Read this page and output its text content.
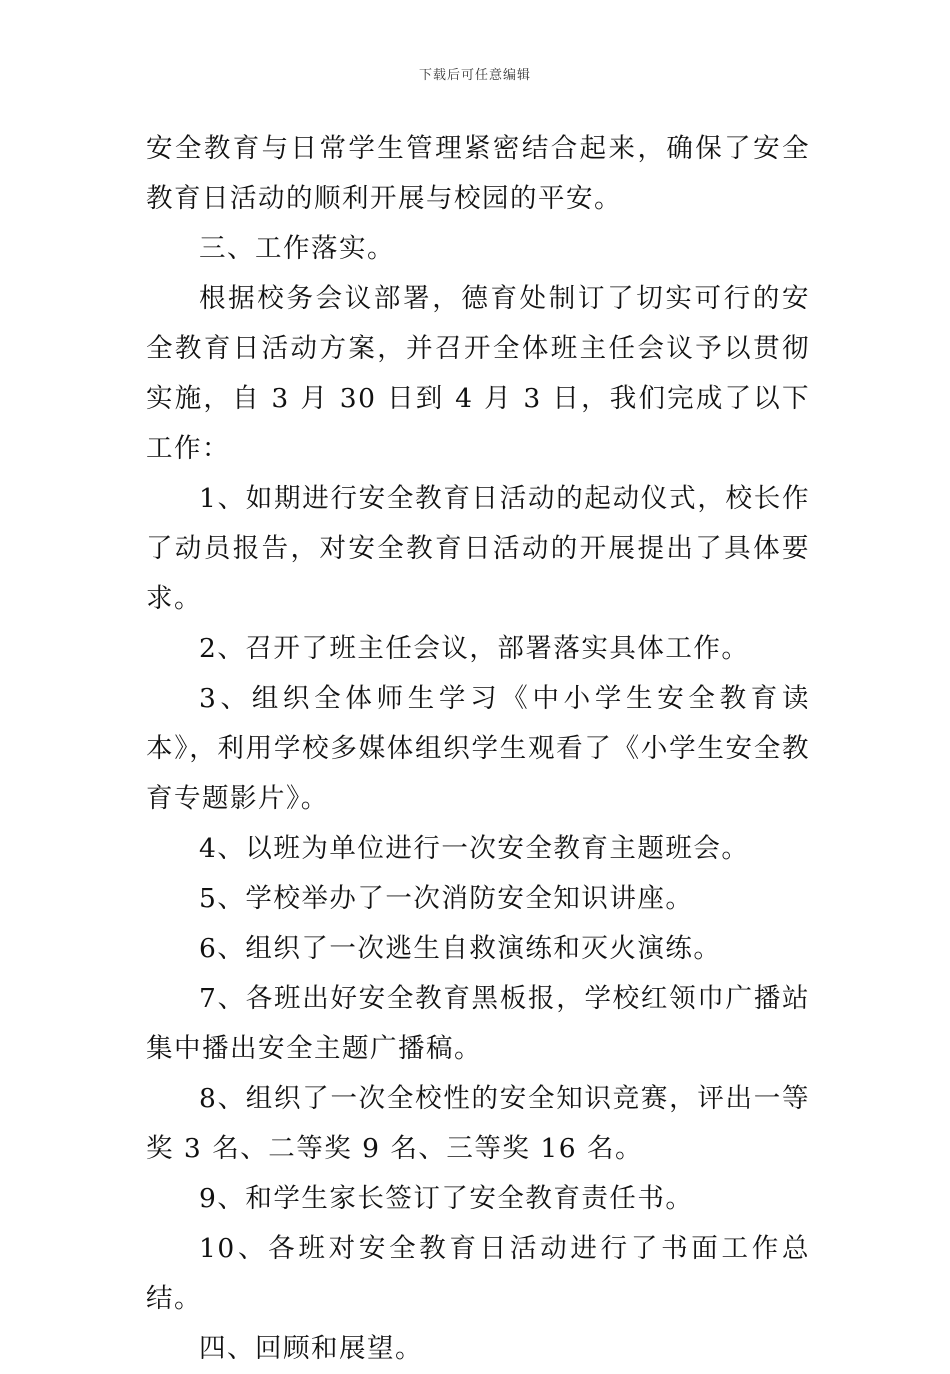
下载后可任意编辑

安全教育与日常学生管理紧密结合起来，确保了安全教育日活动的顺利开展与校园的平安。

三、工作落实。

根据校务会议部署，德育处制订了切实可行的安全教育日活动方案，并召开全体班主任会议予以贯彻实施，自 3 月 30 日到 4 月 3 日，我们完成了以下工作：

1、如期进行安全教育日活动的起动仪式，校长作了动员报告，对安全教育日活动的开展提出了具体要求。

2、召开了班主任会议，部署落实具体工作。

3、组织全体师生学习《中小学生安全教育读本》，利用学校多媒体组织学生观看了《小学生安全教育专题影片》。

4、以班为单位进行一次安全教育主题班会。

5、学校举办了一次消防安全知识讲座。

6、组织了一次逃生自救演练和灭火演练。

7、各班出好安全教育黑板报，学校红领巾广播站集中播出安全主题广播稿。

8、组织了一次全校性的安全知识竞赛，评出一等奖 3 名、二等奖 9 名、三等奖 16 名。

9、和学生家长签订了安全教育责任书。

10、各班对安全教育日活动进行了书面工作总结。

四、回顾和展望。
